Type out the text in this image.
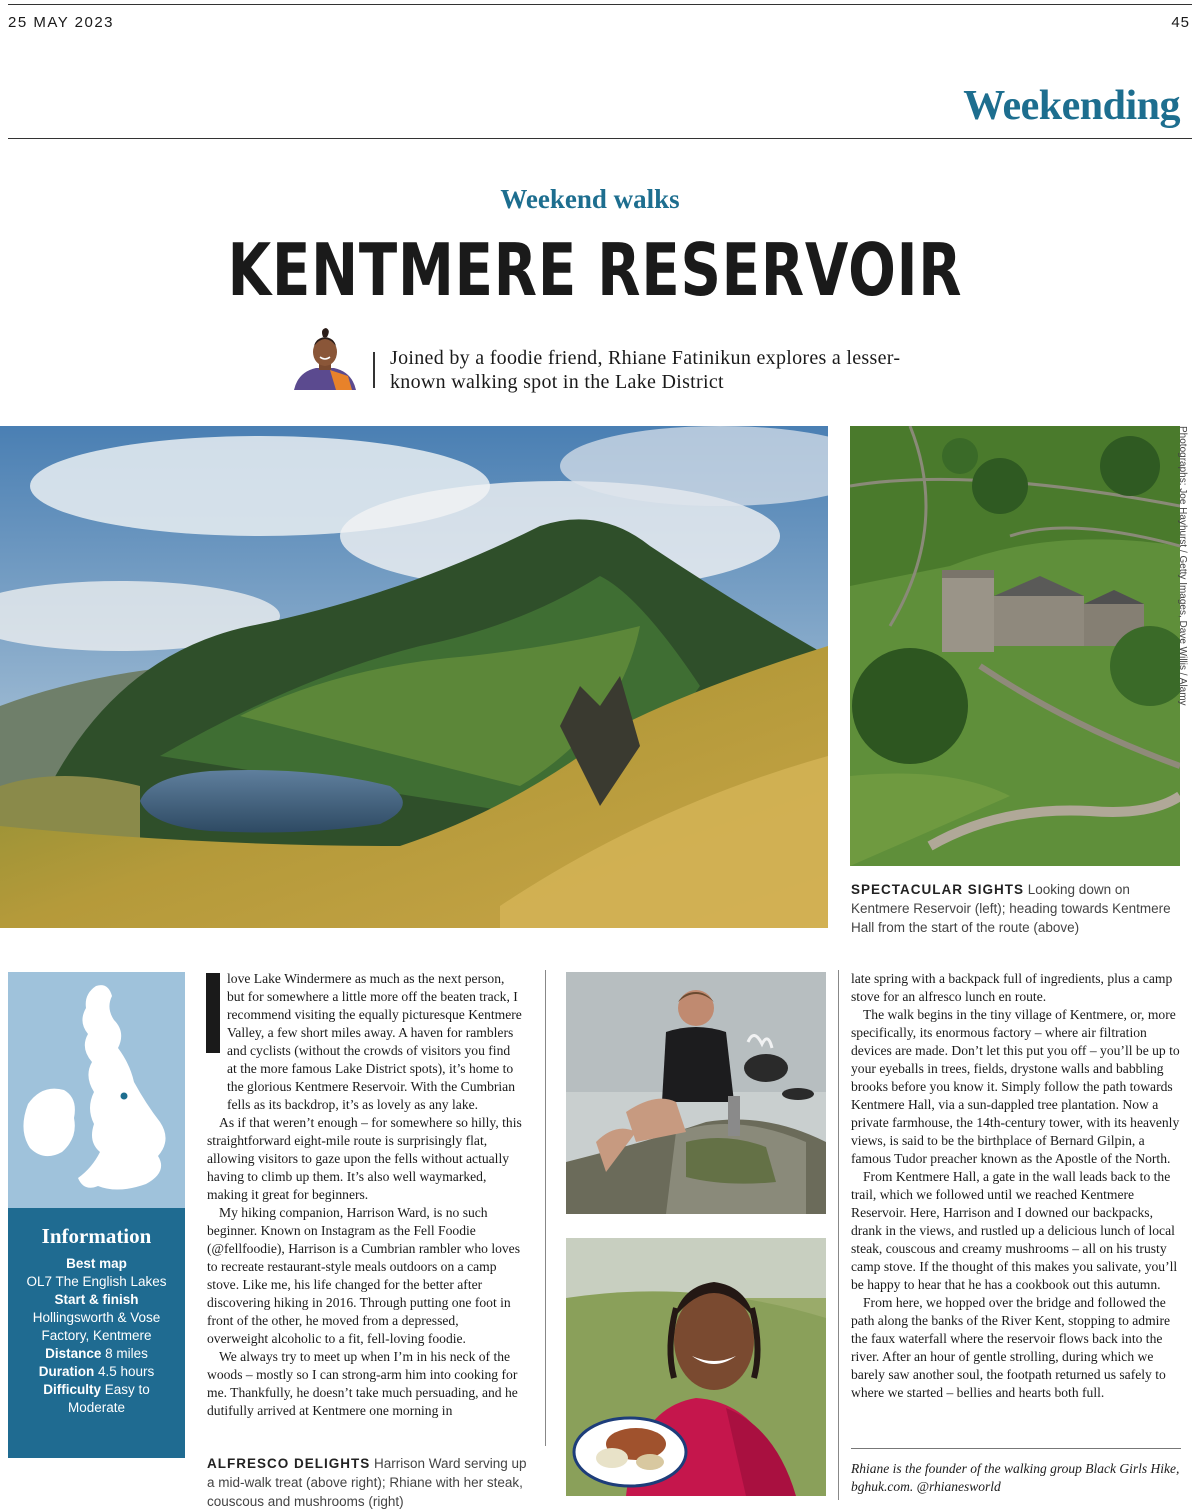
25 MAY 2023	45
Weekending
Weekend walks
KENTMERE RESERVOIR
Joined by a foodie friend, Rhiane Fatinikun explores a lesser-known walking spot in the Lake District
Photographs: Joe Hayhurst / Getty Images, Dave Willis / Alamy
SPECTACULAR SIGHTS Looking down on Kentmere Reservoir (left); heading towards Kentmere Hall from the start of the route (above)
Information
Best map
OL7 The English Lakes
Start & finish
Hollingsworth & Vose Factory, Kentmere
Distance 8 miles
Duration 4.5 hours
Difficulty Easy to Moderate

love Lake Windermere as much as the next person, but for somewhere a little more off the beaten track, I recommend visiting the equally picturesque Kentmere Valley, a few short miles away. A haven for ramblers and cyclists (without the crowds of visitors you find at the more famous Lake District spots), it’s home to the glorious Kentmere Reservoir. With the Cumbrian fells as its backdrop, it’s as lovely as any lake.

As if that weren’t enough – for somewhere so hilly, this straightforward eight-mile route is surprisingly flat, allowing visitors to gaze upon the fells without actually having to climb up them. It’s also well waymarked, making it great for beginners.

My hiking companion, Harrison Ward, is no such beginner. Known on Instagram as the Fell Foodie (@fellfoodie), Harrison is a Cumbrian rambler who loves to recreate restaurant-style meals outdoors on a camp stove. Like me, his life changed for the better after discovering hiking in 2016. Through putting one foot in front of the other, he moved from a depressed, overweight alcoholic to a fit, fell-loving foodie.

We always try to meet up when I’m in his neck of the woods – mostly so I can strong-arm him into cooking for me. Thankfully, he doesn’t take much persuading, and he dutifully arrived at Kentmere one morning in

ALFRESCO DELIGHTS Harrison Ward serving up a mid-walk treat (above right); Rhiane with her steak, couscous and mushrooms (right)

late spring with a backpack full of ingredients, plus a camp stove for an alfresco lunch en route.

The walk begins in the tiny village of Kentmere, or, more specifically, its enormous factory – where air filtration devices are made. Don’t let this put you off – you’ll be up to your eyeballs in trees, fields, drystone walls and babbling brooks before you know it. Simply follow the path towards Kentmere Hall, via a sun-dappled tree plantation. Now a private farmhouse, the 14th-century tower, with its heavenly views, is said to be the birthplace of Bernard Gilpin, a famous Tudor preacher known as the Apostle of the North.

From Kentmere Hall, a gate in the wall leads back to the trail, which we followed until we reached Kentmere Reservoir. Here, Harrison and I downed our backpacks, drank in the views, and rustled up a delicious lunch of local steak, couscous and creamy mushrooms – all on his trusty camp stove. If the thought of this makes you salivate, you’ll be happy to hear that he has a cookbook out this autumn.

From here, we hopped over the bridge and followed the path along the banks of the River Kent, stopping to admire the faux waterfall where the reservoir flows back into the river. After an hour of gentle strolling, during which we barely saw another soul, the footpath returned us safely to where we started – bellies and hearts both full.

Rhiane is the founder of the walking group Black Girls Hike, bghuk.com. @rhianesworld
